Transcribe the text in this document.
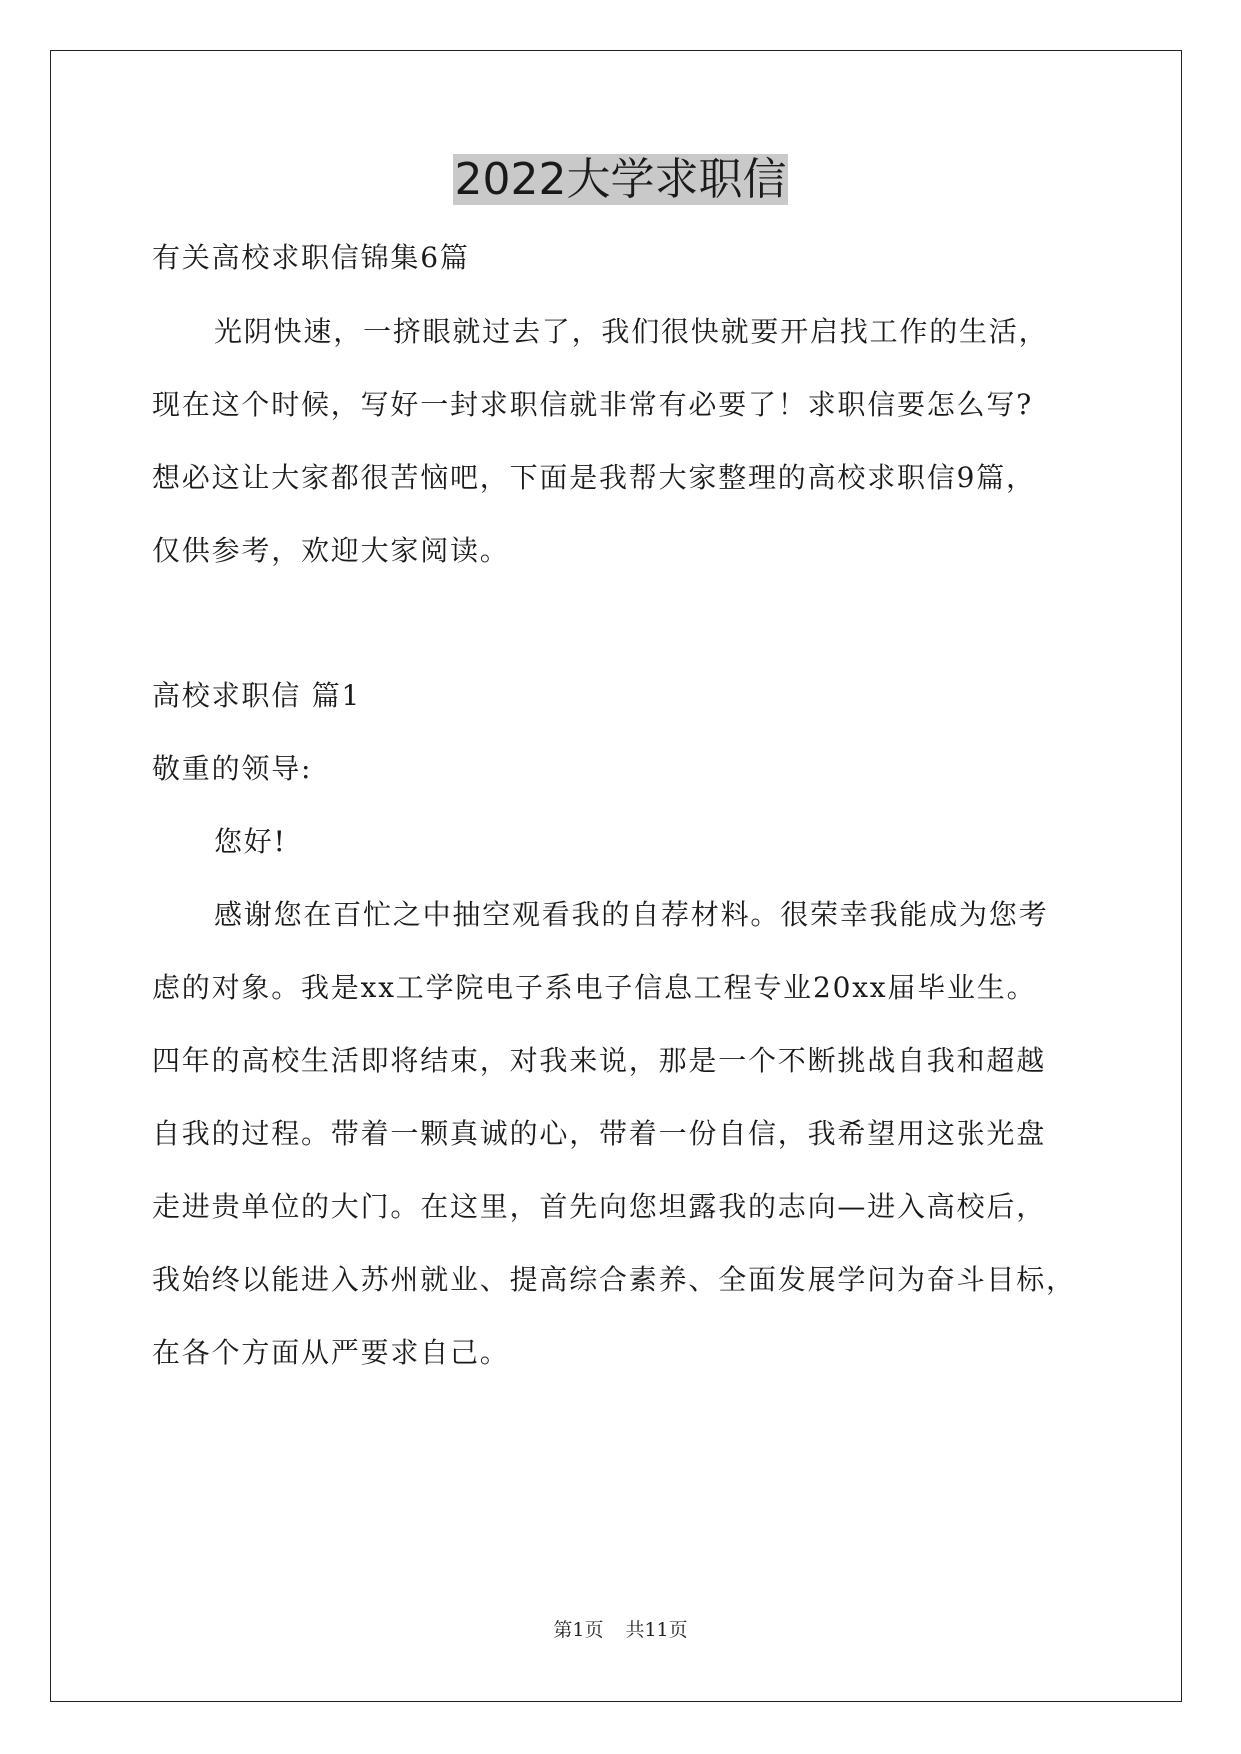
2022大学求职信
有关高校求职信锦集6篇
光阴快速，一挤眼就过去了，我们很快就要开启找工作的生活，
现在这个时候，写好一封求职信就非常有必要了！求职信要怎么写?
想必这让大家都很苦恼吧，下面是我帮大家整理的高校求职信9篇，
仅供参考，欢迎大家阅读。
高校求职信 篇1
敬重的领导:
您好!
感谢您在百忙之中抽空观看我的自荐材料。很荣幸我能成为您考
虑的对象。我是xx工学院电子系电子信息工程专业20xx届毕业生。
四年的高校生活即将结束，对我来说，那是一个不断挑战自我和超越
自我的过程。带着一颗真诚的心，带着一份自信，我希望用这张光盘
走进贵单位的大门。在这里，首先向您坦露我的志向—进入高校后，
我始终以能进入苏州就业、提高综合素养、全面发展学问为奋斗目标，
在各个方面从严要求自己。
第1页 共11页
